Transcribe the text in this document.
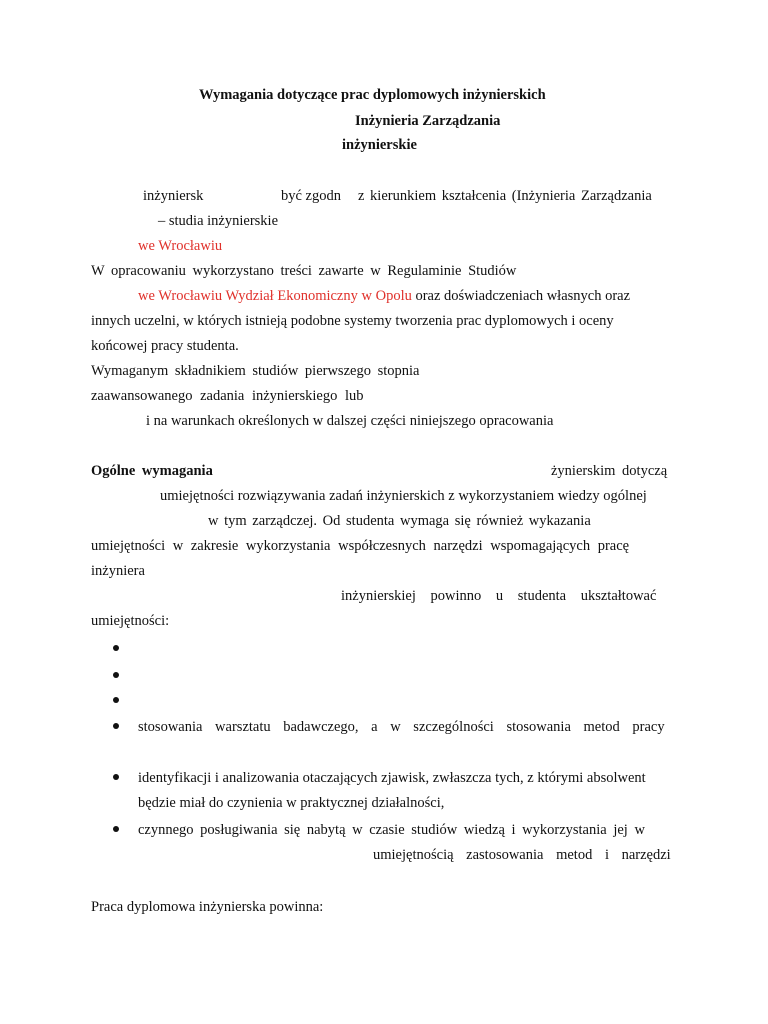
Wymagania dotyczące prac dyplomowych inżynierskich
Inżynieria Zarządzania
inżynierskie
inżyniersk	być zgodn z kierunkiem kształcenia (Inżynieria Zarządzania
– studia inżynierskie
we Wrocławiu
W opracowaniu wykorzystano treści zawarte w Regulaminie Studiów
we Wrocławiu Wydział Ekonomiczny w Opolu oraz doświadczeniach własnych oraz
innych uczelni, w których istnieją podobne systemy tworzenia prac dyplomowych i oceny
końcowej pracy studenta.
Wymaganym składnikiem studiów pierwszego stopnia
zaawansowanego zadania inżynierskiego lub
i na warunkach określonych w dalszej części niniejszego opracowania
Ogólne wymagania	żynierskim dotyczą
umiejętności rozwiązywania zadań inżynierskich z wykorzystaniem wiedzy ogólnej
w tym zarządczej. Od studenta wymaga się również wykazania
umiejętności w zakresie wykorzystania współczesnych narzędzi wspomagających pracę
inżyniera
inżynierskiej powinno u studenta ukształtować
umiejętności:
stosowania warsztatu badawczego, a w szczególności stosowania metod pracy
identyfikacji i analizowania otaczających zjawisk, zwłaszcza tych, z którymi absolwent
będzie miał do czynienia w praktycznej działalności,
czynnego posługiwania się nabytą w czasie studiów wiedzą i wykorzystania jej w
umiejętnością zastosowania metod i narzędzi
Praca dyplomowa inżynierska powinna:
